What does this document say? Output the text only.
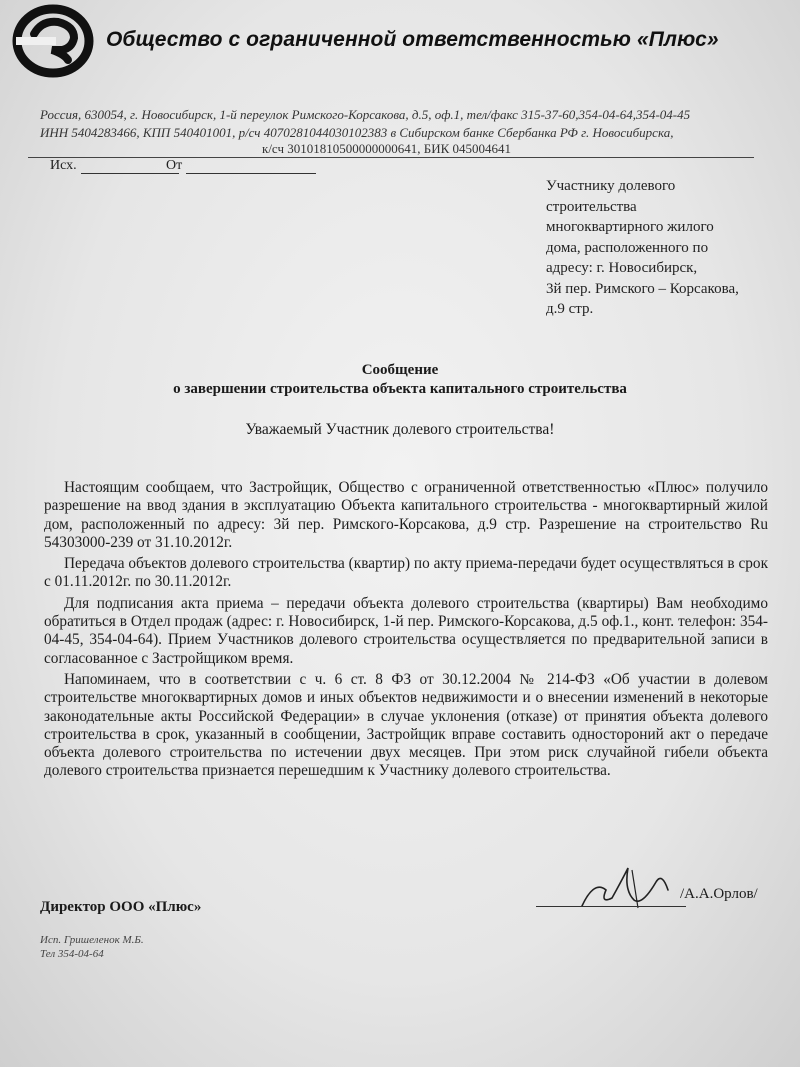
Общество с ограниченной ответственностью «Плюс»
Россия, 630054, г. Новосибирск, 1-й переулок Римского-Корсакова, д.5, оф.1, тел/факс 315-37-60,354-04-64,354-04-45
ИНН 5404283466, КПП 540401001, р/сч 40702810440301023​83 в Сибирском банке Сбербанка РФ г. Новосибирска,
к/сч 30101810500000000641, БИК 045004641
Исх.	От
Участнику долевого
строительства
многоквартирного жилого
дома, расположенного по
адресу: г. Новосибирск,
3й пер. Римского – Корсакова,
д.9 стр.
Сообщение
о завершении строительства объекта капитального строительства
Уважаемый Участник долевого строительства!

Настоящим сообщаем, что Застройщик, Общество с ограниченной ответственностью «Плюс» получило разрешение на ввод здания в эксплуатацию Объекта капитального строительства - многоквартирный жилой дом, расположенный по адресу: 3й пер. Римского-Корсакова, д.9 стр. Разрешение на строительство Ru 54303000-239 от 31.10.2012г.

Передача объектов долевого строительства (квартир) по акту приема-передачи будет осуществляться в срок с 01.11.2012г. по 30.11.2012г.

Для подписания акта приема – передачи объекта долевого строительства (квартиры) Вам необходимо обратиться в Отдел продаж (адрес: г. Новосибирск, 1-й пер. Римского-Корсакова, д.5 оф.1., конт. телефон: 354-04-45, 354-04-64). Прием Участников долевого строительства осуществляется по предварительной записи в согласованное с Застройщиком время.

Напоминаем, что в соответствии с ч. 6 ст. 8 ФЗ от 30.12.2004 № 214-ФЗ «Об участии в долевом строительстве многоквартирных домов и иных объектов недвижимости и о внесении изменений в некоторые законодательные акты Российской Федерации» в случае уклонения (отказе) от принятия объекта долевого строительства в срок, указанный в сообщении, Застройщик вправе составить одностороний акт о передаче объекта долевого строительства по истечении двух месяцев. При этом риск случайной гибели объекта долевого строительства признается перешедшим к Участнику долевого строительства.

Директор ООО «Плюс»
/А.А.Орлов/
Исп. Гришеленок М.Б.
Тел 354-04-64
